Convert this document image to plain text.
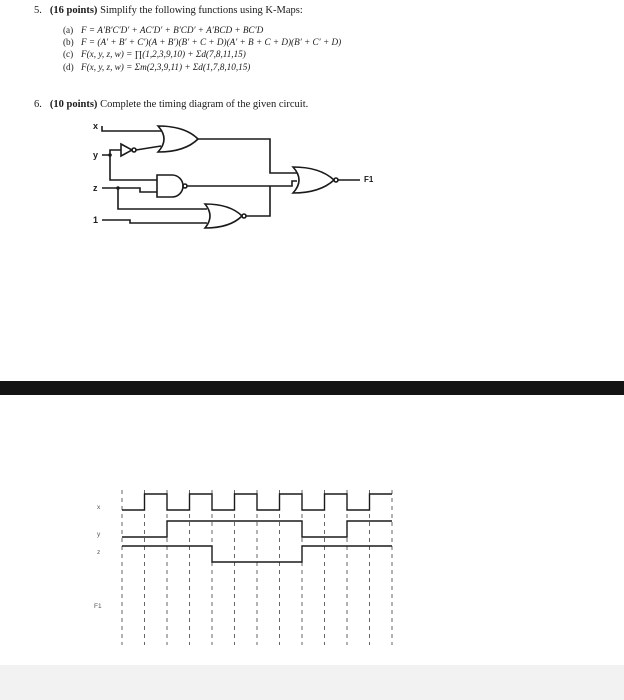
5. (16 points) Simplify the following functions using K-Maps:
(a) F = A′B′C′D′ + AC′D′ + B′CD′ + A′BCD + BC′D
(b) F = (A′ + B′ + C′)(A + B′)(B′ + C + D)(A′ + B + C + D)(B′ + C′ + D)
(c) F(x, y, z, w) = ∏(1,2,3,9,10) + Σd(7,8,11,15)
(d) F(x, y, z, w) = Σm(2,3,9,11) + Σd(1,7,8,10,15)
6. (10 points) Complete the timing diagram of the given circuit.
x
y
z
1
F1
x
y
z
F1
